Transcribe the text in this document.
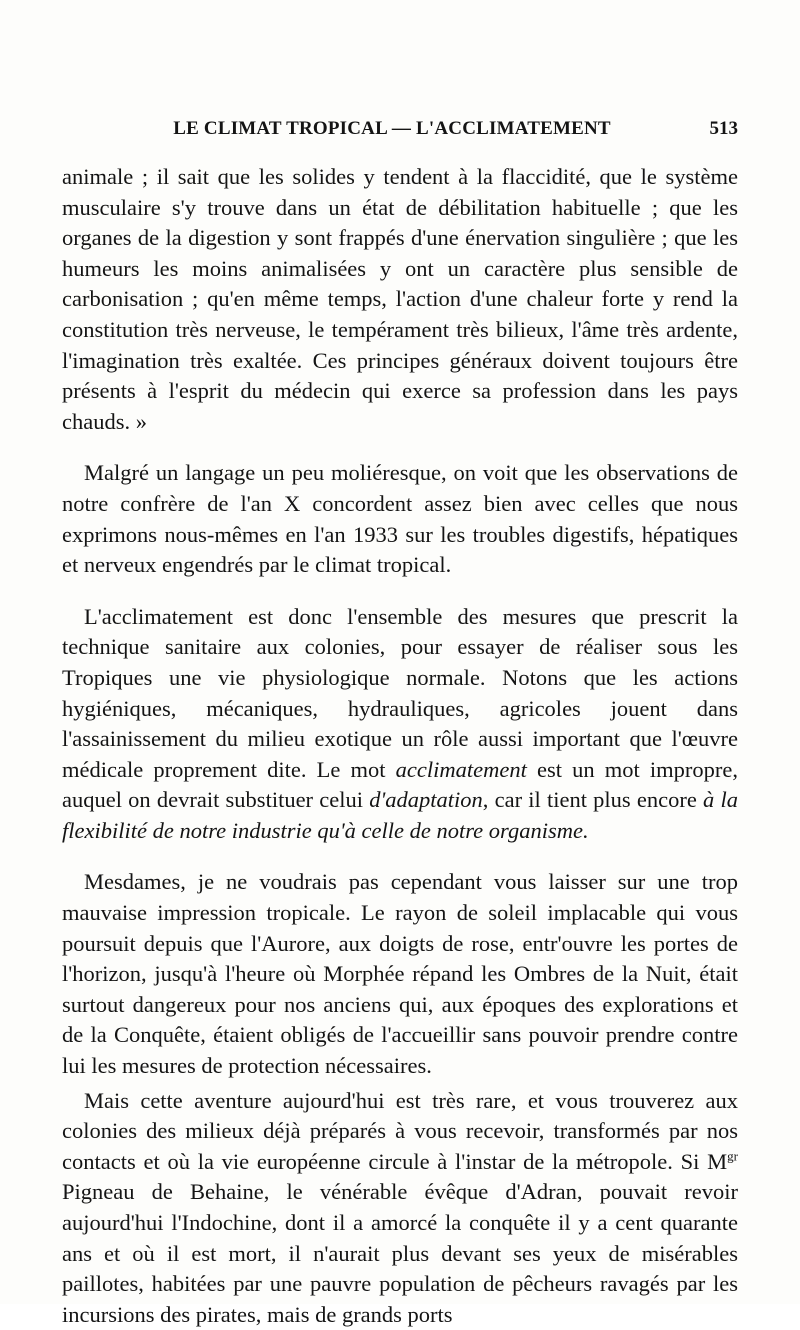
LE CLIMAT TROPICAL — L'ACCLIMATEMENT	513

animale ; il sait que les solides y tendent à la flaccidité, que le système musculaire s'y trouve dans un état de débilitation habituelle ; que les organes de la digestion y sont frappés d'une énervation singulière ; que les humeurs les moins animalisées y ont un caractère plus sensible de carbonisation ; qu'en même temps, l'action d'une chaleur forte y rend la constitution très nerveuse, le tempérament très bilieux, l'âme très ardente, l'imagination très exaltée. Ces principes généraux doivent toujours être présents à l'esprit du médecin qui exerce sa profession dans les pays chauds. »

Malgré un langage un peu moliéresque, on voit que les observations de notre confrère de l'an X concordent assez bien avec celles que nous exprimons nous-mêmes en l'an 1933 sur les troubles digestifs, hépatiques et nerveux engendrés par le climat tropical.

L'acclimatement est donc l'ensemble des mesures que prescrit la technique sanitaire aux colonies, pour essayer de réaliser sous les Tropiques une vie physiologique normale. Notons que les actions hygiéniques, mécaniques, hydrauliques, agricoles jouent dans l'assainissement du milieu exotique un rôle aussi important que l'œuvre médicale proprement dite. Le mot acclimatement est un mot impropre, auquel on devrait substituer celui d'adaptation, car il tient plus encore à la flexibilité de notre industrie qu'à celle de notre organisme.

Mesdames, je ne voudrais pas cependant vous laisser sur une trop mauvaise impression tropicale. Le rayon de soleil implacable qui vous poursuit depuis que l'Aurore, aux doigts de rose, entr'ouvre les portes de l'horizon, jusqu'à l'heure où Morphée répand les Ombres de la Nuit, était surtout dangereux pour nos anciens qui, aux époques des explorations et de la Conquête, étaient obligés de l'accueillir sans pouvoir prendre contre lui les mesures de protection nécessaires.

Mais cette aventure aujourd'hui est très rare, et vous trouverez aux colonies des milieux déjà préparés à vous recevoir, transformés par nos contacts et où la vie européenne circule à l'instar de la métropole. Si $M^{gr}$ Pigneau de Behaine, le vénérable évêque d'Adran, pouvait revoir aujourd'hui l'Indochine, dont il a amorcé la conquête il y a cent quarante ans et où il est mort, il n'aurait plus devant ses yeux de misérables paillotes, habitées par une pauvre population de pêcheurs ravagés par les incursions des pirates, mais de grands ports
